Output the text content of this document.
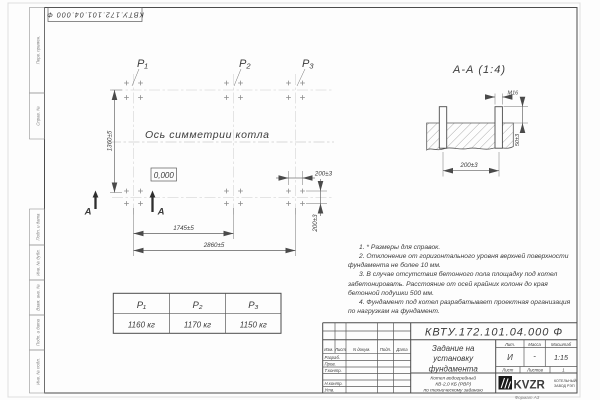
Перв. примен.
Справ. №
Подп. и дата
Инв. № дубл.
Взам. инв. №
Подп. и дата
Инв. № подл.
КВТУ.172.101.04.000 Ф
P₁	P₂	P₃
Ось симметрии котла
0,000
1360±5
1745±5
2860±5
200±3
200±3
А	А
А-А (1:4)
М16
50±3
200±3
P₁	P₂	P₃
1160 кг	1170 кг	1150 кг
КВТУ.172.101.04.000 Ф
Изм. Лист N докум. Подп. Дата
Разраб.
Пров.
Т.контр.
Н.контр.
Утв.
Задание на
установку
фундамента
Котел водогрейный
КВ-2,0 КБ (РВР)
по техническому заданию
Лит.	Масса Масштаб
И	-	1:15
Лист	Листов	1
KVZR	КОТЕЛЬНЫЙ
ЗАВОД РЭП
Формат А3

1. * Размеры для справок.

2. Отклонение от горизонтального уровня верхней поверхности фундамента не более 10 мм.

3. В случае отсутствия бетонного пола площадку под котел забетонировать. Расстояние от осей крайних колонн до края бетонной подушки 500 мм.

4. Фундамент под котел разрабатывает проектная организация по нагрузкам на фундамент.
